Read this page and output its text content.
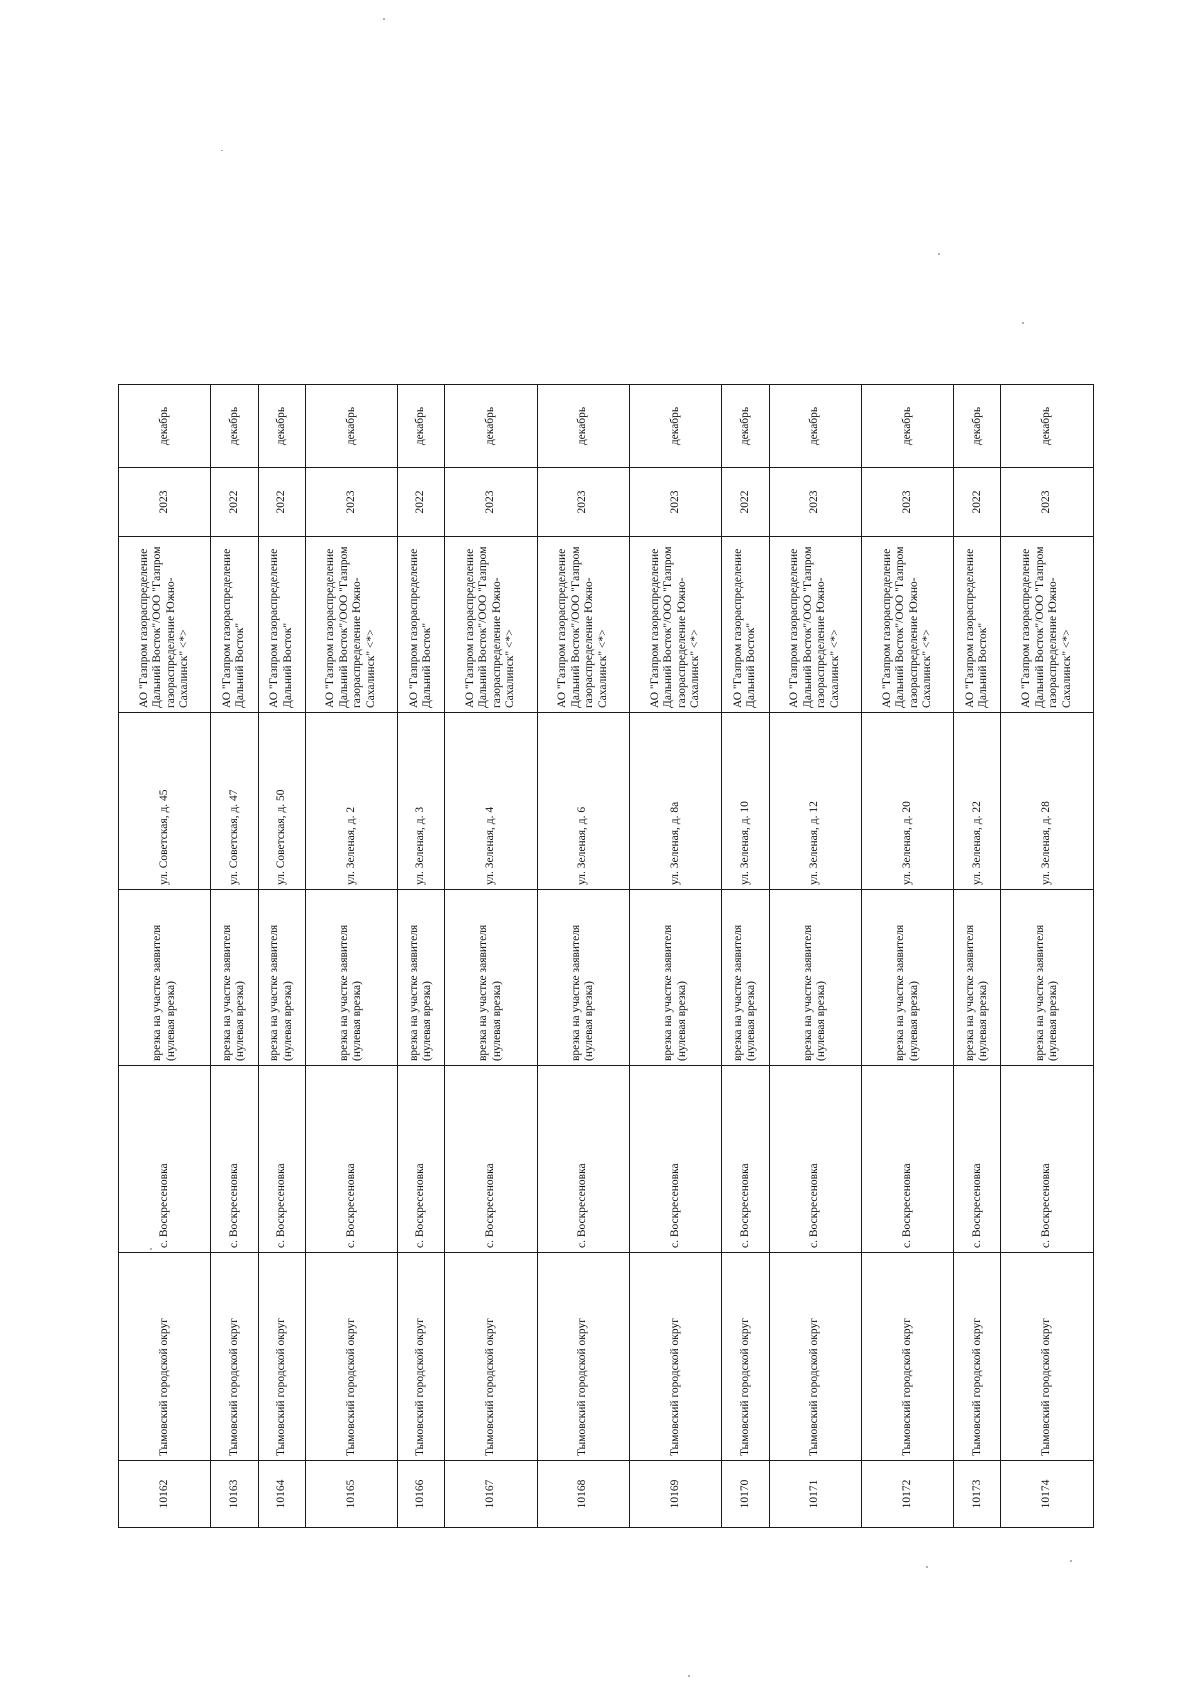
10162	Тымовский городской округ	с. Воскресеновка	врезка на участке заявителя (нулевая врезка)	ул. Советская, д. 45	АО "Газпром газораспределение Дальний Восток"/ООО "Газпром газораспределение Южно-Сахалинск" <*>	2023	декабрь
10163	Тымовский городской округ	с. Воскресеновка	врезка на участке заявителя (нулевая врезка)	ул. Советская, д. 47	АО "Газпром газораспределение Дальний Восток"	2022	декабрь
10164	Тымовский городской округ	с. Воскресеновка	врезка на участке заявителя (нулевая врезка)	ул. Советская, д. 50	АО "Газпром газораспределение Дальний Восток"	2022	декабрь
10165	Тымовский городской округ	с. Воскресеновка	врезка на участке заявителя (нулевая врезка)	ул. Зеленая, д. 2	АО "Газпром газораспределение Дальний Восток"/ООО "Газпром газораспределение Южно-Сахалинск" <*>	2023	декабрь
10166	Тымовский городской округ	с. Воскресеновка	врезка на участке заявителя (нулевая врезка)	ул. Зеленая, д. 3	АО "Газпром газораспределение Дальний Восток"	2022	декабрь
10167	Тымовский городской округ	с. Воскресеновка	врезка на участке заявителя (нулевая врезка)	ул. Зеленая, д. 4	АО "Газпром газораспределение Дальний Восток"/ООО "Газпром газораспределение Южно-Сахалинск" <*>	2023	декабрь
10168	Тымовский городской округ	с. Воскресеновка	врезка на участке заявителя (нулевая врезка)	ул. Зеленая, д. 6	АО "Газпром газораспределение Дальний Восток"/ООО "Газпром газораспределение Южно-Сахалинск" <*>	2023	декабрь
10169	Тымовский городской округ	с. Воскресеновка	врезка на участке заявителя (нулевая врезка)	ул. Зеленая, д. 8а	АО "Газпром газораспределение Дальний Восток"/ООО "Газпром газораспределение Южно-Сахалинск" <*>	2023	декабрь
10170	Тымовский городской округ	с. Воскресеновка	врезка на участке заявителя (нулевая врезка)	ул. Зеленая, д. 10	АО "Газпром газораспределение Дальний Восток"	2022	декабрь
10171	Тымовский городской округ	с. Воскресеновка	врезка на участке заявителя (нулевая врезка)	ул. Зеленая, д. 12	АО "Газпром газораспределение Дальний Восток"/ООО "Газпром газораспределение Южно-Сахалинск" <*>	2023	декабрь
10172	Тымовский городской округ	с. Воскресеновка	врезка на участке заявителя (нулевая врезка)	ул. Зеленая, д. 20	АО "Газпром газораспределение Дальний Восток"/ООО "Газпром газораспределение Южно-Сахалинск" <*>	2023	декабрь
10173	Тымовский городской округ	с. Воскресеновка	врезка на участке заявителя (нулевая врезка)	ул. Зеленая, д. 22	АО "Газпром газораспределение Дальний Восток"	2022	декабрь
10174	Тымовский городской округ	с. Воскресеновка	врезка на участке заявителя (нулевая врезка)	ул. Зеленая, д. 28	АО "Газпром газораспределение Дальний Восток"/ООО "Газпром газораспределение Южно-Сахалинск" <*>	2023	декабрь
